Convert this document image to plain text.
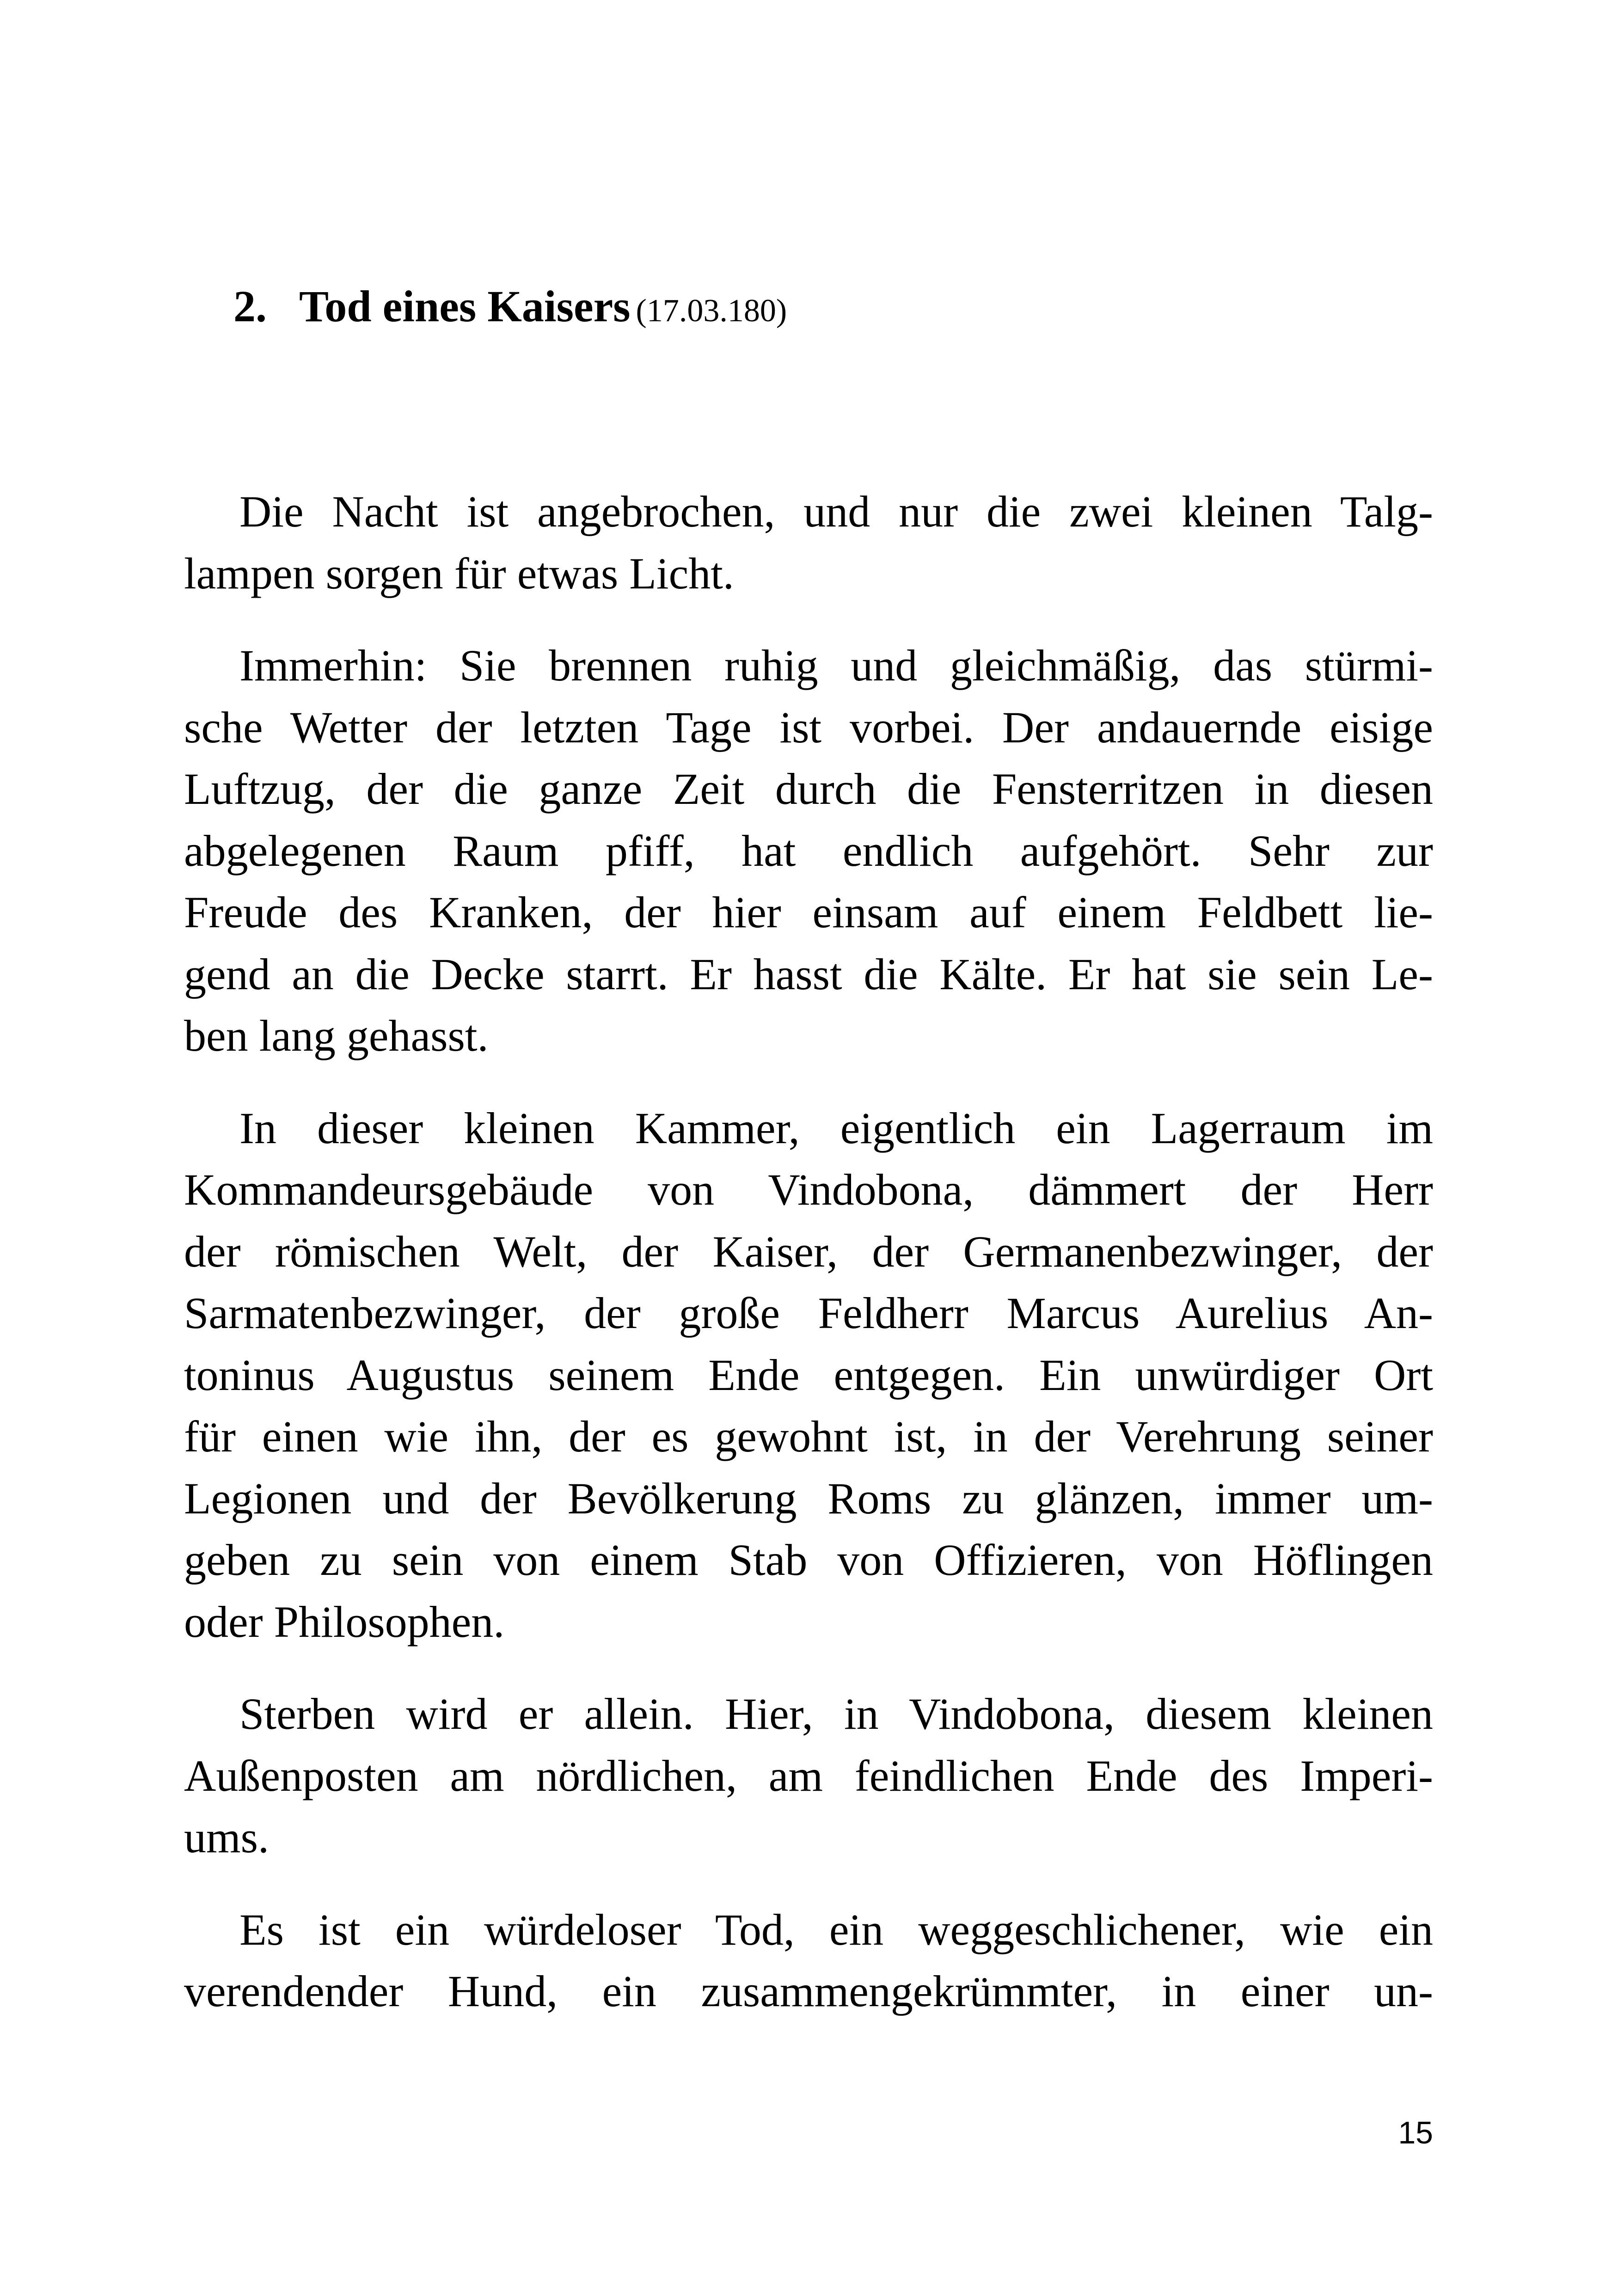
2. Tod eines Kaisers (17.03.180)

Die Nacht ist angebrochen, und nur die zwei kleinen Talg-
lampen sorgen für etwas Licht.

Immerhin: Sie brennen ruhig und gleichmäßig, das stürmi-
sche Wetter der letzten Tage ist vorbei. Der andauernde eisige
Luftzug, der die ganze Zeit durch die Fensterritzen in diesen
abgelegenen Raum pfiff, hat endlich aufgehört. Sehr zur
Freude des Kranken, der hier einsam auf einem Feldbett lie-
gend an die Decke starrt. Er hasst die Kälte. Er hat sie sein Le-
ben lang gehasst.

In dieser kleinen Kammer, eigentlich ein Lagerraum im
Kommandeursgebäude von Vindobona, dämmert der Herr
der römischen Welt, der Kaiser, der Germanenbezwinger, der
Sarmatenbezwinger, der große Feldherr Marcus Aurelius An-
toninus Augustus seinem Ende entgegen. Ein unwürdiger Ort
für einen wie ihn, der es gewohnt ist, in der Verehrung seiner
Legionen und der Bevölkerung Roms zu glänzen, immer um-
geben zu sein von einem Stab von Offizieren, von Höflingen
oder Philosophen.

Sterben wird er allein. Hier, in Vindobona, diesem kleinen
Außenposten am nördlichen, am feindlichen Ende des Imperi-
ums.

Es ist ein würdeloser Tod, ein weggeschlichener, wie ein
verendender Hund, ein zusammengekrümmter, in einer un-

15
